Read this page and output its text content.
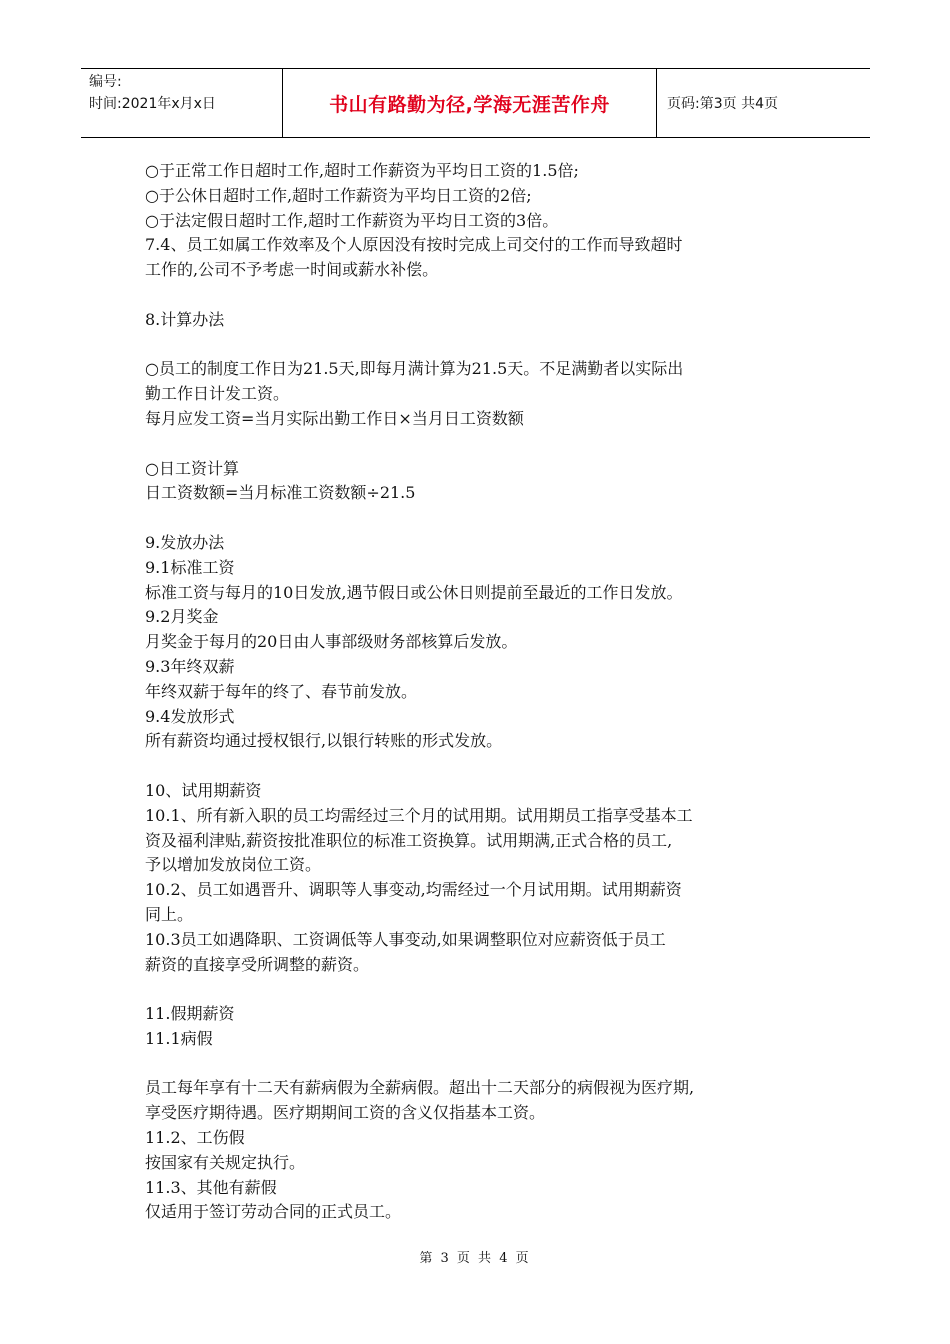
编号:
时间:2021年x月x日	书山有路勤为径,学海无涯苦作舟	页码:第3页 共4页
○于正常工作日超时工作,超时工作薪资为平均日工资的1.5倍;
○于公休日超时工作,超时工作薪资为平均日工资的2倍;
○于法定假日超时工作,超时工作薪资为平均日工资的3倍。
7.4、员工如属工作效率及个人原因没有按时完成上司交付的工作而导致超时
工作的,公司不予考虑一时间或薪水补偿。
8.计算办法
○员工的制度工作日为21.5天,即每月满计算为21.5天。不足满勤者以实际出
勤工作日计发工资。
每月应发工资=当月实际出勤工作日×当月日工资数额
○日工资计算
日工资数额=当月标准工资数额÷21.5
9.发放办法
9.1标准工资
标准工资与每月的10日发放,遇节假日或公休日则提前至最近的工作日发放。
9.2月奖金
月奖金于每月的20日由人事部级财务部核算后发放。
9.3年终双薪
年终双薪于每年的终了、春节前发放。
9.4发放形式
所有薪资均通过授权银行,以银行转账的形式发放。
10、试用期薪资
10.1、所有新入职的员工均需经过三个月的试用期。试用期员工指享受基本工
资及福利津贴,薪资按批准职位的标准工资换算。试用期满,正式合格的员工,
予以增加发放岗位工资。
10.2、员工如遇晋升、调职等人事变动,均需经过一个月试用期。试用期薪资
同上。
10.3员工如遇降职、工资调低等人事变动,如果调整职位对应薪资低于员工
薪资的直接享受所调整的薪资。
11.假期薪资
11.1病假
员工每年享有十二天有薪病假为全薪病假。超出十二天部分的病假视为医疗期,
享受医疗期待遇。医疗期期间工资的含义仅指基本工资。
11.2、工伤假
按国家有关规定执行。
11.3、其他有薪假
仅适用于签订劳动合同的正式员工。
第 3 页 共 4 页
